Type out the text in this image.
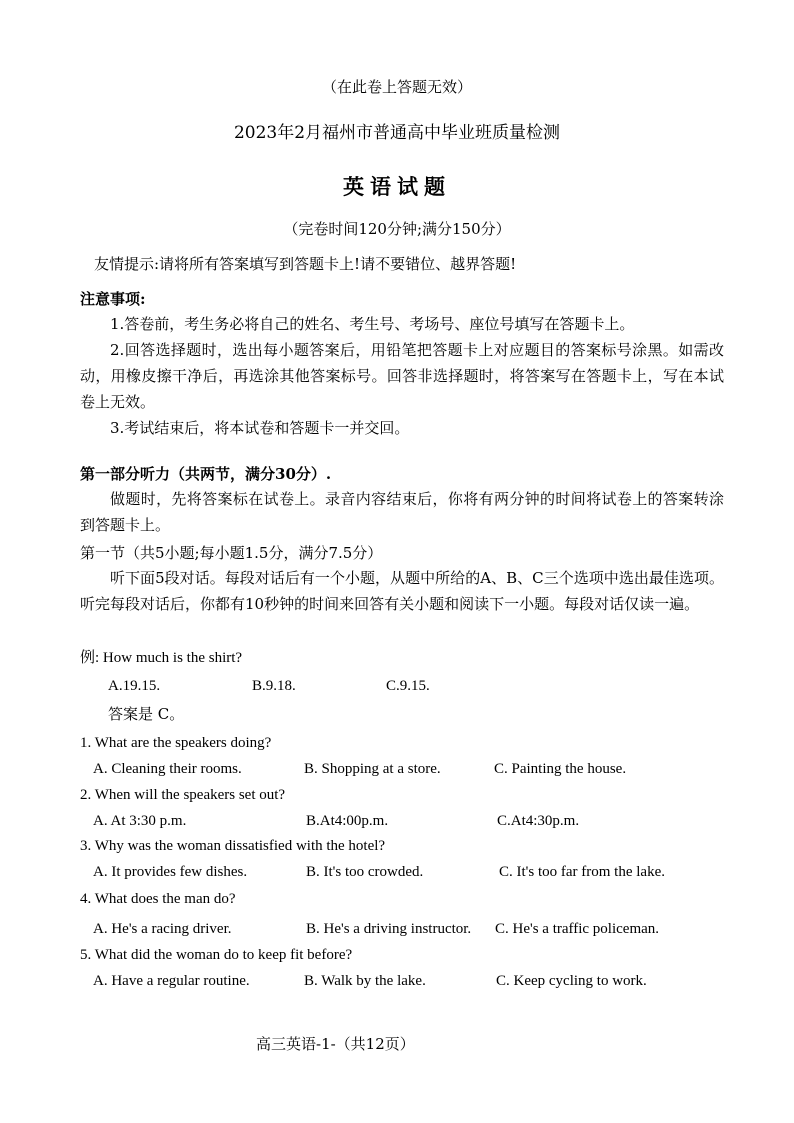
（在此卷上答题无效）
2023年2月福州市普通高中毕业班质量检测
英语试题
（完卷时间120分钟;满分150分）
友情提示:请将所有答案填写到答题卡上!请不要错位、越界答题!
注意事项:
1.答卷前，考生务必将自己的姓名、考生号、考场号、座位号填写在答题卡上。
2.回答选择题时，选出每小题答案后，用铅笔把答题卡上对应题目的答案标号涂黑。如需改动，用橡皮擦干净后，再选涂其他答案标号。回答非选择题时，将答案写在答题卡上，写在本试卷上无效。
3.考试结束后，将本试卷和答题卡一并交回。
第一部分听力（共两节，满分30分）.
做题时，先将答案标在试卷上。录音内容结束后，你将有两分钟的时间将试卷上的答案转涂到答题卡上。
第一节（共5小题;每小题1.5分，满分7.5分）
听下面5段对话。每段对话后有一个小题，从题中所给的A、B、C三个选项中选出最佳选项。听完每段对话后，你都有10秒钟的时间来回答有关小题和阅读下一小题。每段对话仅读一遍。
例: How much is the shirt?
A.19.15.	B.9.18.	C.9.15.
答案是 C。
1. What are the speakers doing?
A. Cleaning their rooms.	B. Shopping at a store.	C. Painting the house.
2. When will the speakers set out?
A. At 3:30 p.m.	B.At4:00p.m.	C.At4:30p.m.
3. Why was the woman dissatisfied with the hotel?
A. It provides few dishes.	B. It's too crowded.	C. It's too far from the lake.
4. What does the man do?
A. He's a racing driver.	B. He's a driving instructor. C. He's a traffic policeman.
5. What did the woman do to keep fit before?
A. Have a regular routine.	B. Walk by the lake.	C. Keep cycling to work.
高三英语-1-（共12页）
